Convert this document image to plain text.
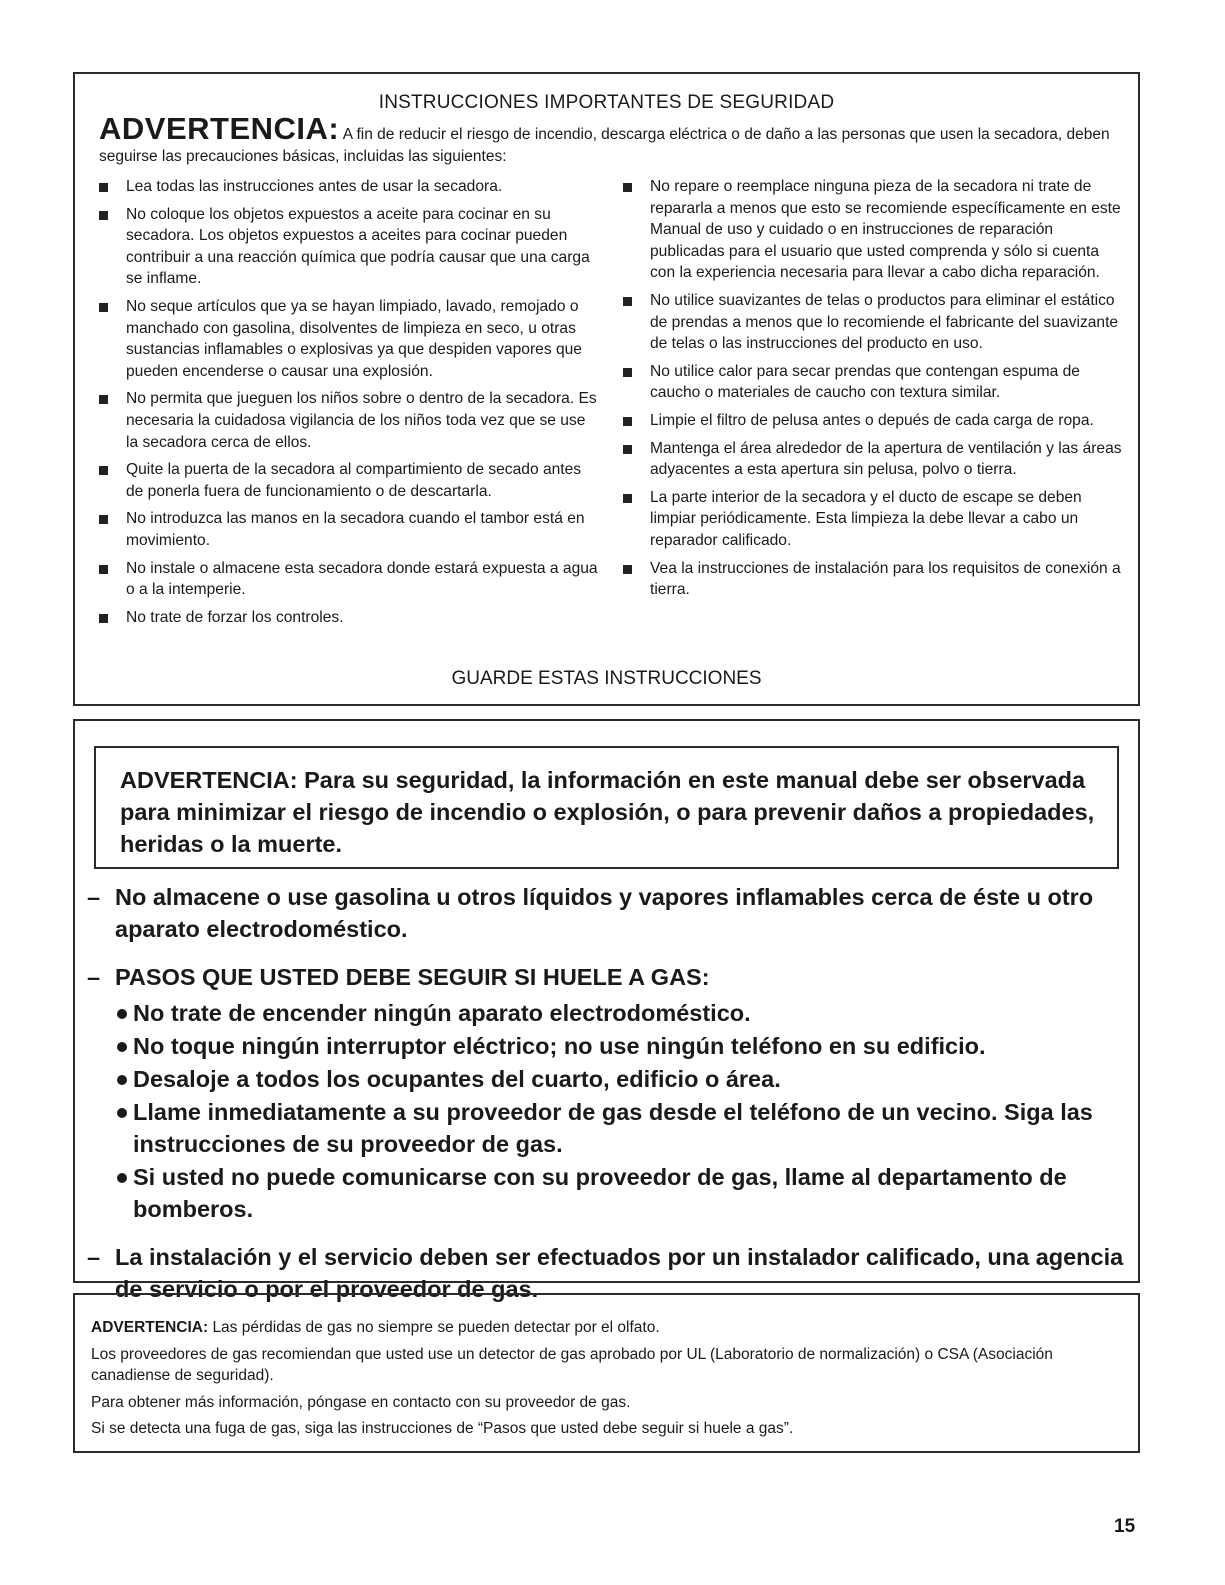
INSTRUCCIONES IMPORTANTES DE SEGURIDAD
ADVERTENCIA: A fin de reducir el riesgo de incendio, descarga eléctrica o de daño a las personas que usen la secadora, deben seguirse las precauciones básicas, incluidas las siguientes:
Lea todas las instrucciones antes de usar la secadora.
No coloque los objetos expuestos a aceite para cocinar en su secadora. Los objetos expuestos a aceites para cocinar pueden contribuir a una reacción química que podría causar que una carga se inflame.
No seque artículos que ya se hayan limpiado, lavado, remojado o manchado con gasolina, disolventes de limpieza en seco, u otras sustancias inflamables o explosivas ya que despiden vapores que pueden encenderse o causar una explosión.
No permita que jueguen los niños sobre o dentro de la secadora. Es necesaria la cuidadosa vigilancia de los niños toda vez que se use la secadora cerca de ellos.
Quite la puerta de la secadora al compartimiento de secado antes de ponerla fuera de funcionamiento o de descartarla.
No introduzca las manos en la secadora cuando el tambor está en movimiento.
No instale o almacene esta secadora donde estará expuesta a agua o a la intemperie.
No trate de forzar los controles.
No repare o reemplace ninguna pieza de la secadora ni trate de repararla a menos que esto se recomiende específicamente en este Manual de uso y cuidado o en instrucciones de reparación publicadas para el usuario que usted comprenda y sólo si cuenta con la experiencia necesaria para llevar a cabo dicha reparación.
No utilice suavizantes de telas o productos para eliminar el estático de prendas a menos que lo recomiende el fabricante del suavizante de telas o las instrucciones del producto en uso.
No utilice calor para secar prendas que contengan espuma de caucho o materiales de caucho con textura similar.
Limpie el filtro de pelusa antes o depués de cada carga de ropa.
Mantenga el área alrededor de la apertura de ventilación y las áreas adyacentes a esta apertura sin pelusa, polvo o tierra.
La parte interior de la secadora y el ducto de escape se deben limpiar periódicamente. Esta limpieza la debe llevar a cabo un reparador calificado.
Vea la instrucciones de instalación para los requisitos de conexión a tierra.
GUARDE ESTAS INSTRUCCIONES
ADVERTENCIA: Para su seguridad, la información en este manual debe ser observada para minimizar el riesgo de incendio o explosión, o para prevenir daños a propiedades, heridas o la muerte.
– No almacene o use gasolina u otros líquidos y vapores inflamables cerca de éste u otro aparato electrodoméstico.
– PASOS QUE USTED DEBE SEGUIR SI HUELE A GAS:
No trate de encender ningún aparato electrodoméstico.
No toque ningún interruptor eléctrico; no use ningún teléfono en su edificio.
Desaloje a todos los ocupantes del cuarto, edificio o área.
Llame inmediatamente a su proveedor de gas desde el teléfono de un vecino. Siga las instrucciones de su proveedor de gas.
Si usted no puede comunicarse con su proveedor de gas, llame al departamento de bomberos.
– La instalación y el servicio deben ser efectuados por un instalador calificado, una agencia de servicio o por el proveedor de gas.

ADVERTENCIA: Las pérdidas de gas no siempre se pueden detectar por el olfato.

Los proveedores de gas recomiendan que usted use un detector de gas aprobado por UL (Laboratorio de normalización) o CSA (Asociación canadiense de seguridad).

Para obtener más información, póngase en contacto con su proveedor de gas.

Si se detecta una fuga de gas, siga las instrucciones de “Pasos que usted debe seguir si huele a gas”.

15
